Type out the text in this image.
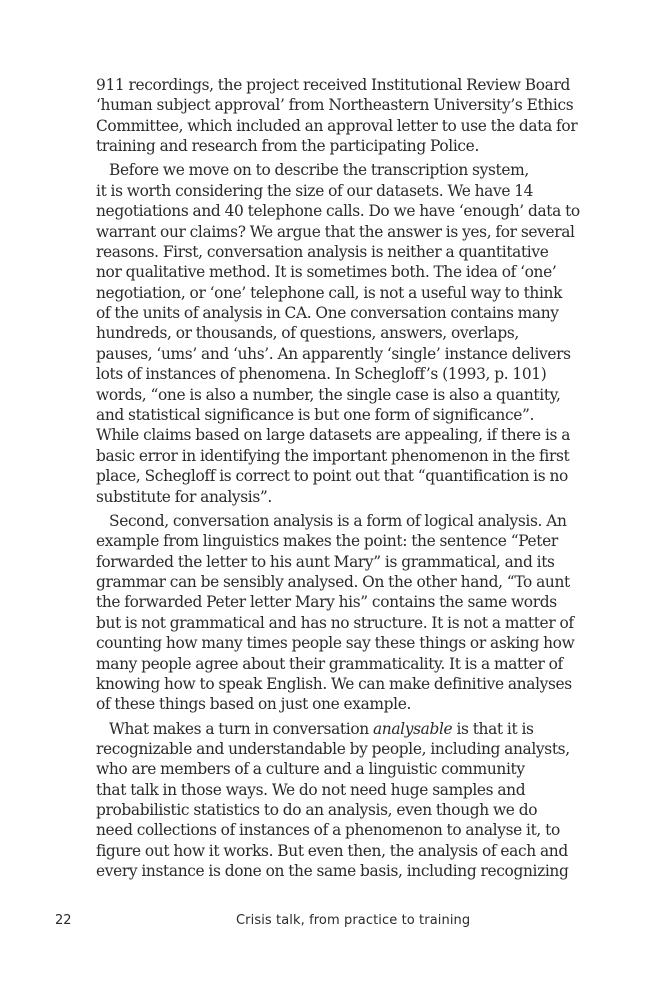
911 recordings, the project received Institutional Review Board
‘human subject approval’ from Northeastern University’s Ethics
Committee, which included an approval letter to use the data for
training and research from the participating Police.
Before we move on to describe the transcription system,
it is worth considering the size of our datasets. We have 14
negotiations and 40 telephone calls. Do we have ‘enough’ data to
warrant our claims? We argue that the answer is yes, for several
reasons. First, conversation analysis is neither a quantitative
nor qualitative method. It is sometimes both. The idea of ‘one’
negotiation, or ‘one’ telephone call, is not a useful way to think
of the units of analysis in CA. One conversation contains many
hundreds, or thousands, of questions, answers, overlaps,
pauses, ‘ums’ and ‘uhs’. An apparently ‘single’ instance delivers
lots of instances of phenomena. In Schegloff’s (1993, p. 101)
words, “one is also a number, the single case is also a quantity,
and statistical significance is but one form of significance”.
While claims based on large datasets are appealing, if there is a
basic error in identifying the important phenomenon in the first
place, Schegloff is correct to point out that “quantification is no
substitute for analysis”.
Second, conversation analysis is a form of logical analysis. An
example from linguistics makes the point: the sentence “Peter
forwarded the letter to his aunt Mary” is grammatical, and its
grammar can be sensibly analysed. On the other hand, “To aunt
the forwarded Peter letter Mary his” contains the same words
but is not grammatical and has no structure. It is not a matter of
counting how many times people say these things or asking how
many people agree about their grammaticality. It is a matter of
knowing how to speak English. We can make definitive analyses
of these things based on just one example.
What makes a turn in conversation analysable is that it is
recognizable and understandable by people, including analysts,
who are members of a culture and a linguistic community
that talk in those ways. We do not need huge samples and
probabilistic statistics to do an analysis, even though we do
need collections of instances of a phenomenon to analyse it, to
figure out how it works. But even then, the analysis of each and
every instance is done on the same basis, including recognizing
22	Crisis talk, from practice to training
